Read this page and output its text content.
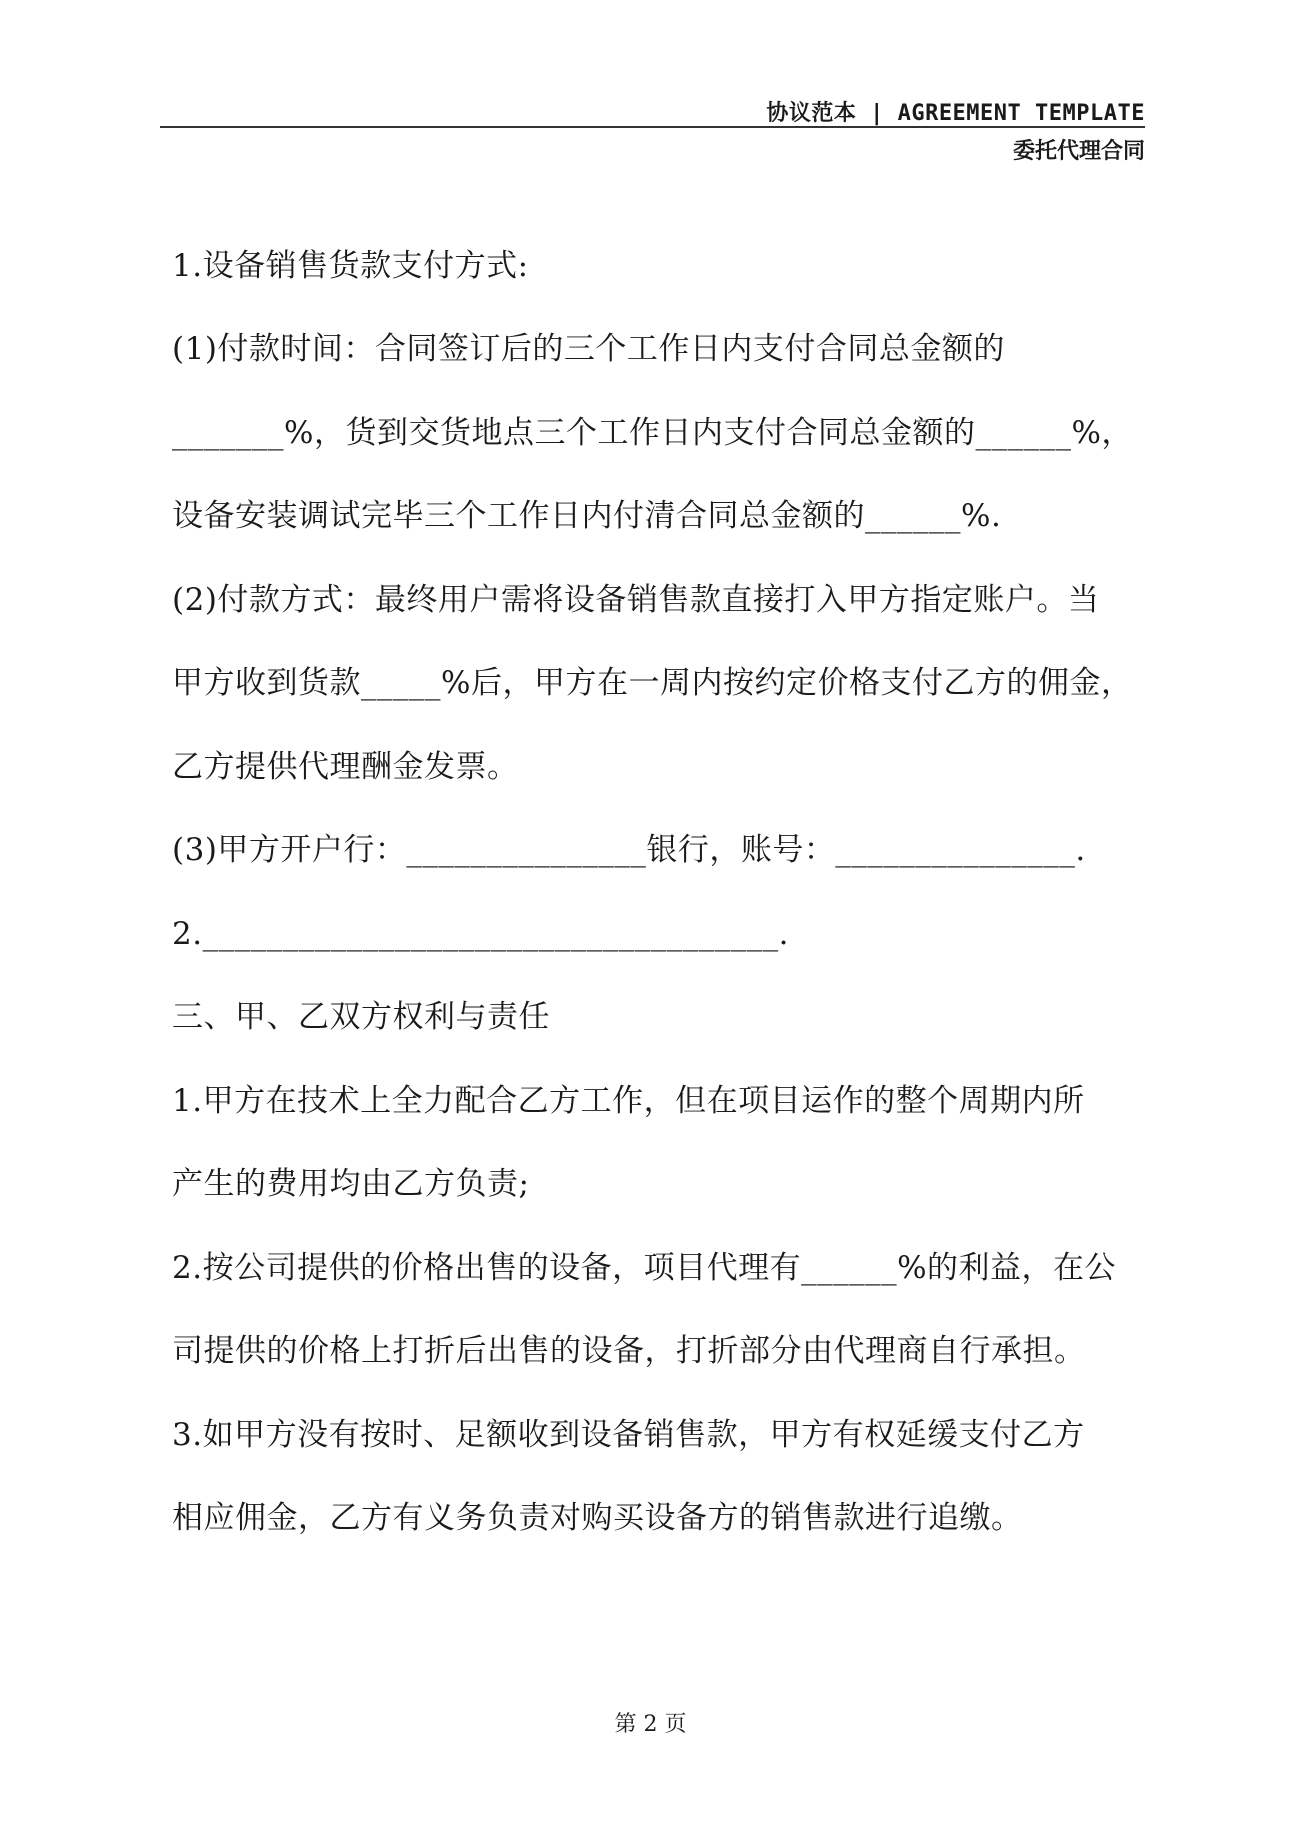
协议范本 | AGREEMENT TEMPLATE
委托代理合同
1.设备销售货款支付方式:
(1)付款时间：合同签订后的三个工作日内支付合同总金额的
_______%，货到交货地点三个工作日内支付合同总金额的______%，
设备安装调试完毕三个工作日内付清合同总金额的______%.
(2)付款方式：最终用户需将设备销售款直接打入甲方指定账户。当
甲方收到货款_____%后，甲方在一周内按约定价格支付乙方的佣金，
乙方提供代理酬金发票。
(3)甲方开户行：_______________银行，账号：_______________.
2.____________________________________.
三、甲、乙双方权利与责任
1.甲方在技术上全力配合乙方工作，但在项目运作的整个周期内所
产生的费用均由乙方负责;
2.按公司提供的价格出售的设备，项目代理有______%的利益，在公
司提供的价格上打折后出售的设备，打折部分由代理商自行承担。
3.如甲方没有按时、足额收到设备销售款，甲方有权延缓支付乙方
相应佣金，乙方有义务负责对购买设备方的销售款进行追缴。
第 2 页
